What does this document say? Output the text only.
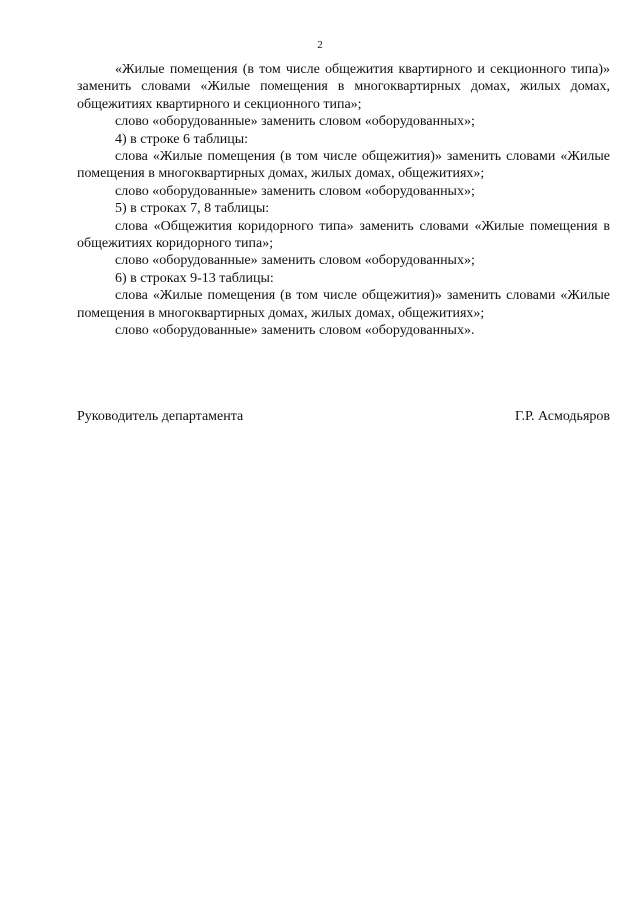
2

«Жилые помещения (в том числе общежития квартирного и секционного типа)» заменить словами «Жилые помещения в многоквартирных домах, жилых домах, общежитиях квартирного и секционного типа»;

слово «оборудованные» заменить словом «оборудованных»;

4) в строке 6 таблицы:

слова «Жилые помещения (в том числе общежития)» заменить словами «Жилые помещения в многоквартирных домах, жилых домах, общежитиях»;

слово «оборудованные» заменить словом «оборудованных»;

5) в строках 7, 8 таблицы:

слова «Общежития коридорного типа» заменить словами «Жилые помещения в общежитиях коридорного типа»;

слово «оборудованные» заменить словом «оборудованных»;

6) в строках 9-13 таблицы:

слова «Жилые помещения (в том числе общежития)» заменить словами «Жилые помещения в многоквартирных домах, жилых домах, общежитиях»;

слово «оборудованные» заменить словом «оборудованных».

Руководитель департамента	Г.Р. Асмодьяров
